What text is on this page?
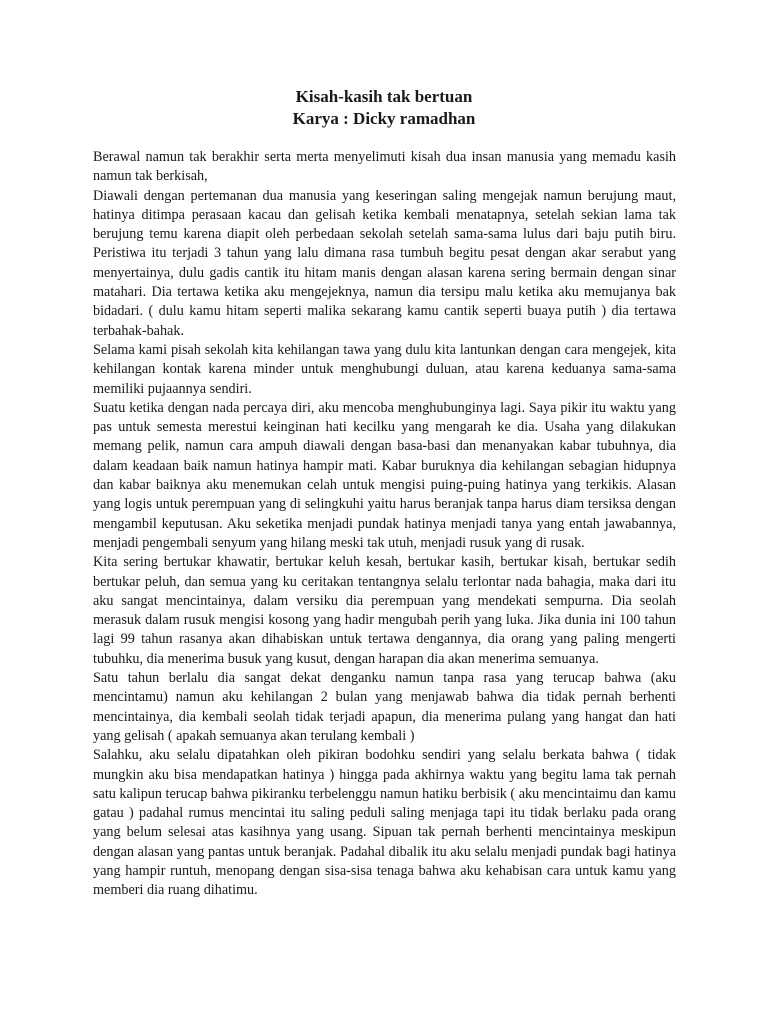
Kisah-kasih tak bertuan

Karya : Dicky ramadhan

Berawal namun tak berakhir serta merta menyelimuti kisah dua insan manusia yang memadu kasih namun tak berkisah,

Diawali dengan pertemanan dua manusia yang keseringan saling mengejak namun berujung maut, hatinya ditimpa perasaan kacau dan gelisah ketika kembali menatapnya, setelah sekian lama tak berujung temu karena diapit oleh perbedaan sekolah setelah sama-sama lulus dari baju putih biru. Peristiwa itu terjadi 3 tahun yang lalu dimana rasa tumbuh begitu pesat dengan akar serabut yang menyertainya, dulu gadis cantik itu hitam manis dengan alasan karena sering bermain dengan sinar matahari. Dia tertawa ketika aku mengejeknya, namun dia tersipu malu ketika aku memujanya bak bidadari. ( dulu kamu hitam seperti malika sekarang kamu cantik seperti buaya putih ) dia tertawa terbahak-bahak.

Selama kami pisah sekolah kita kehilangan tawa yang dulu kita lantunkan dengan cara mengejek, kita kehilangan kontak karena minder untuk menghubungi duluan, atau karena keduanya sama-sama memiliki pujaannya sendiri.

Suatu ketika dengan nada percaya diri, aku mencoba menghubunginya lagi. Saya pikir itu waktu yang pas untuk semesta merestui keinginan hati kecilku yang mengarah ke dia. Usaha yang dilakukan memang pelik, namun cara ampuh diawali dengan basa-basi dan menanyakan kabar tubuhnya, dia dalam keadaan baik namun hatinya hampir mati. Kabar buruknya dia kehilangan sebagian hidupnya dan kabar baiknya aku menemukan celah untuk mengisi puing-puing hatinya yang terkikis. Alasan yang logis untuk perempuan yang di selingkuhi yaitu harus beranjak tanpa harus diam tersiksa dengan mengambil keputusan. Aku seketika menjadi pundak hatinya menjadi tanya yang entah jawabannya, menjadi pengembali senyum yang hilang meski tak utuh, menjadi rusuk yang di rusak.

Kita sering bertukar khawatir, bertukar keluh kesah, bertukar kasih, bertukar kisah, bertukar sedih bertukar peluh, dan semua yang ku ceritakan tentangnya selalu terlontar nada bahagia, maka dari itu aku sangat mencintainya, dalam versiku dia perempuan yang mendekati sempurna. Dia seolah merasuk dalam rusuk mengisi kosong yang hadir mengubah perih yang luka. Jika dunia ini 100 tahun lagi 99 tahun rasanya akan dihabiskan untuk tertawa dengannya, dia orang yang paling mengerti tubuhku, dia menerima busuk yang kusut, dengan harapan dia akan menerima semuanya.

Satu tahun berlalu dia sangat dekat denganku namun tanpa rasa yang terucap bahwa (aku mencintamu) namun aku kehilangan 2 bulan yang menjawab bahwa dia tidak pernah berhenti mencintainya, dia kembali seolah tidak terjadi apapun, dia menerima pulang yang hangat dan hati yang gelisah ( apakah semuanya akan terulang kembali )

Salahku, aku selalu dipatahkan oleh pikiran bodohku sendiri yang selalu berkata bahwa ( tidak mungkin aku bisa mendapatkan hatinya ) hingga pada akhirnya waktu yang begitu lama tak pernah satu kalipun terucap bahwa pikiranku terbelenggu namun hatiku berbisik ( aku mencintaimu dan kamu gatau ) padahal rumus mencintai itu saling peduli saling menjaga tapi itu tidak berlaku pada orang yang belum selesai atas kasihnya yang usang. Sipuan tak pernah berhenti mencintainya meskipun dengan alasan yang pantas untuk beranjak. Padahal dibalik itu aku selalu menjadi pundak bagi hatinya yang hampir runtuh, menopang dengan sisa-sisa tenaga bahwa aku kehabisan cara untuk kamu yang memberi dia ruang dihatimu.
